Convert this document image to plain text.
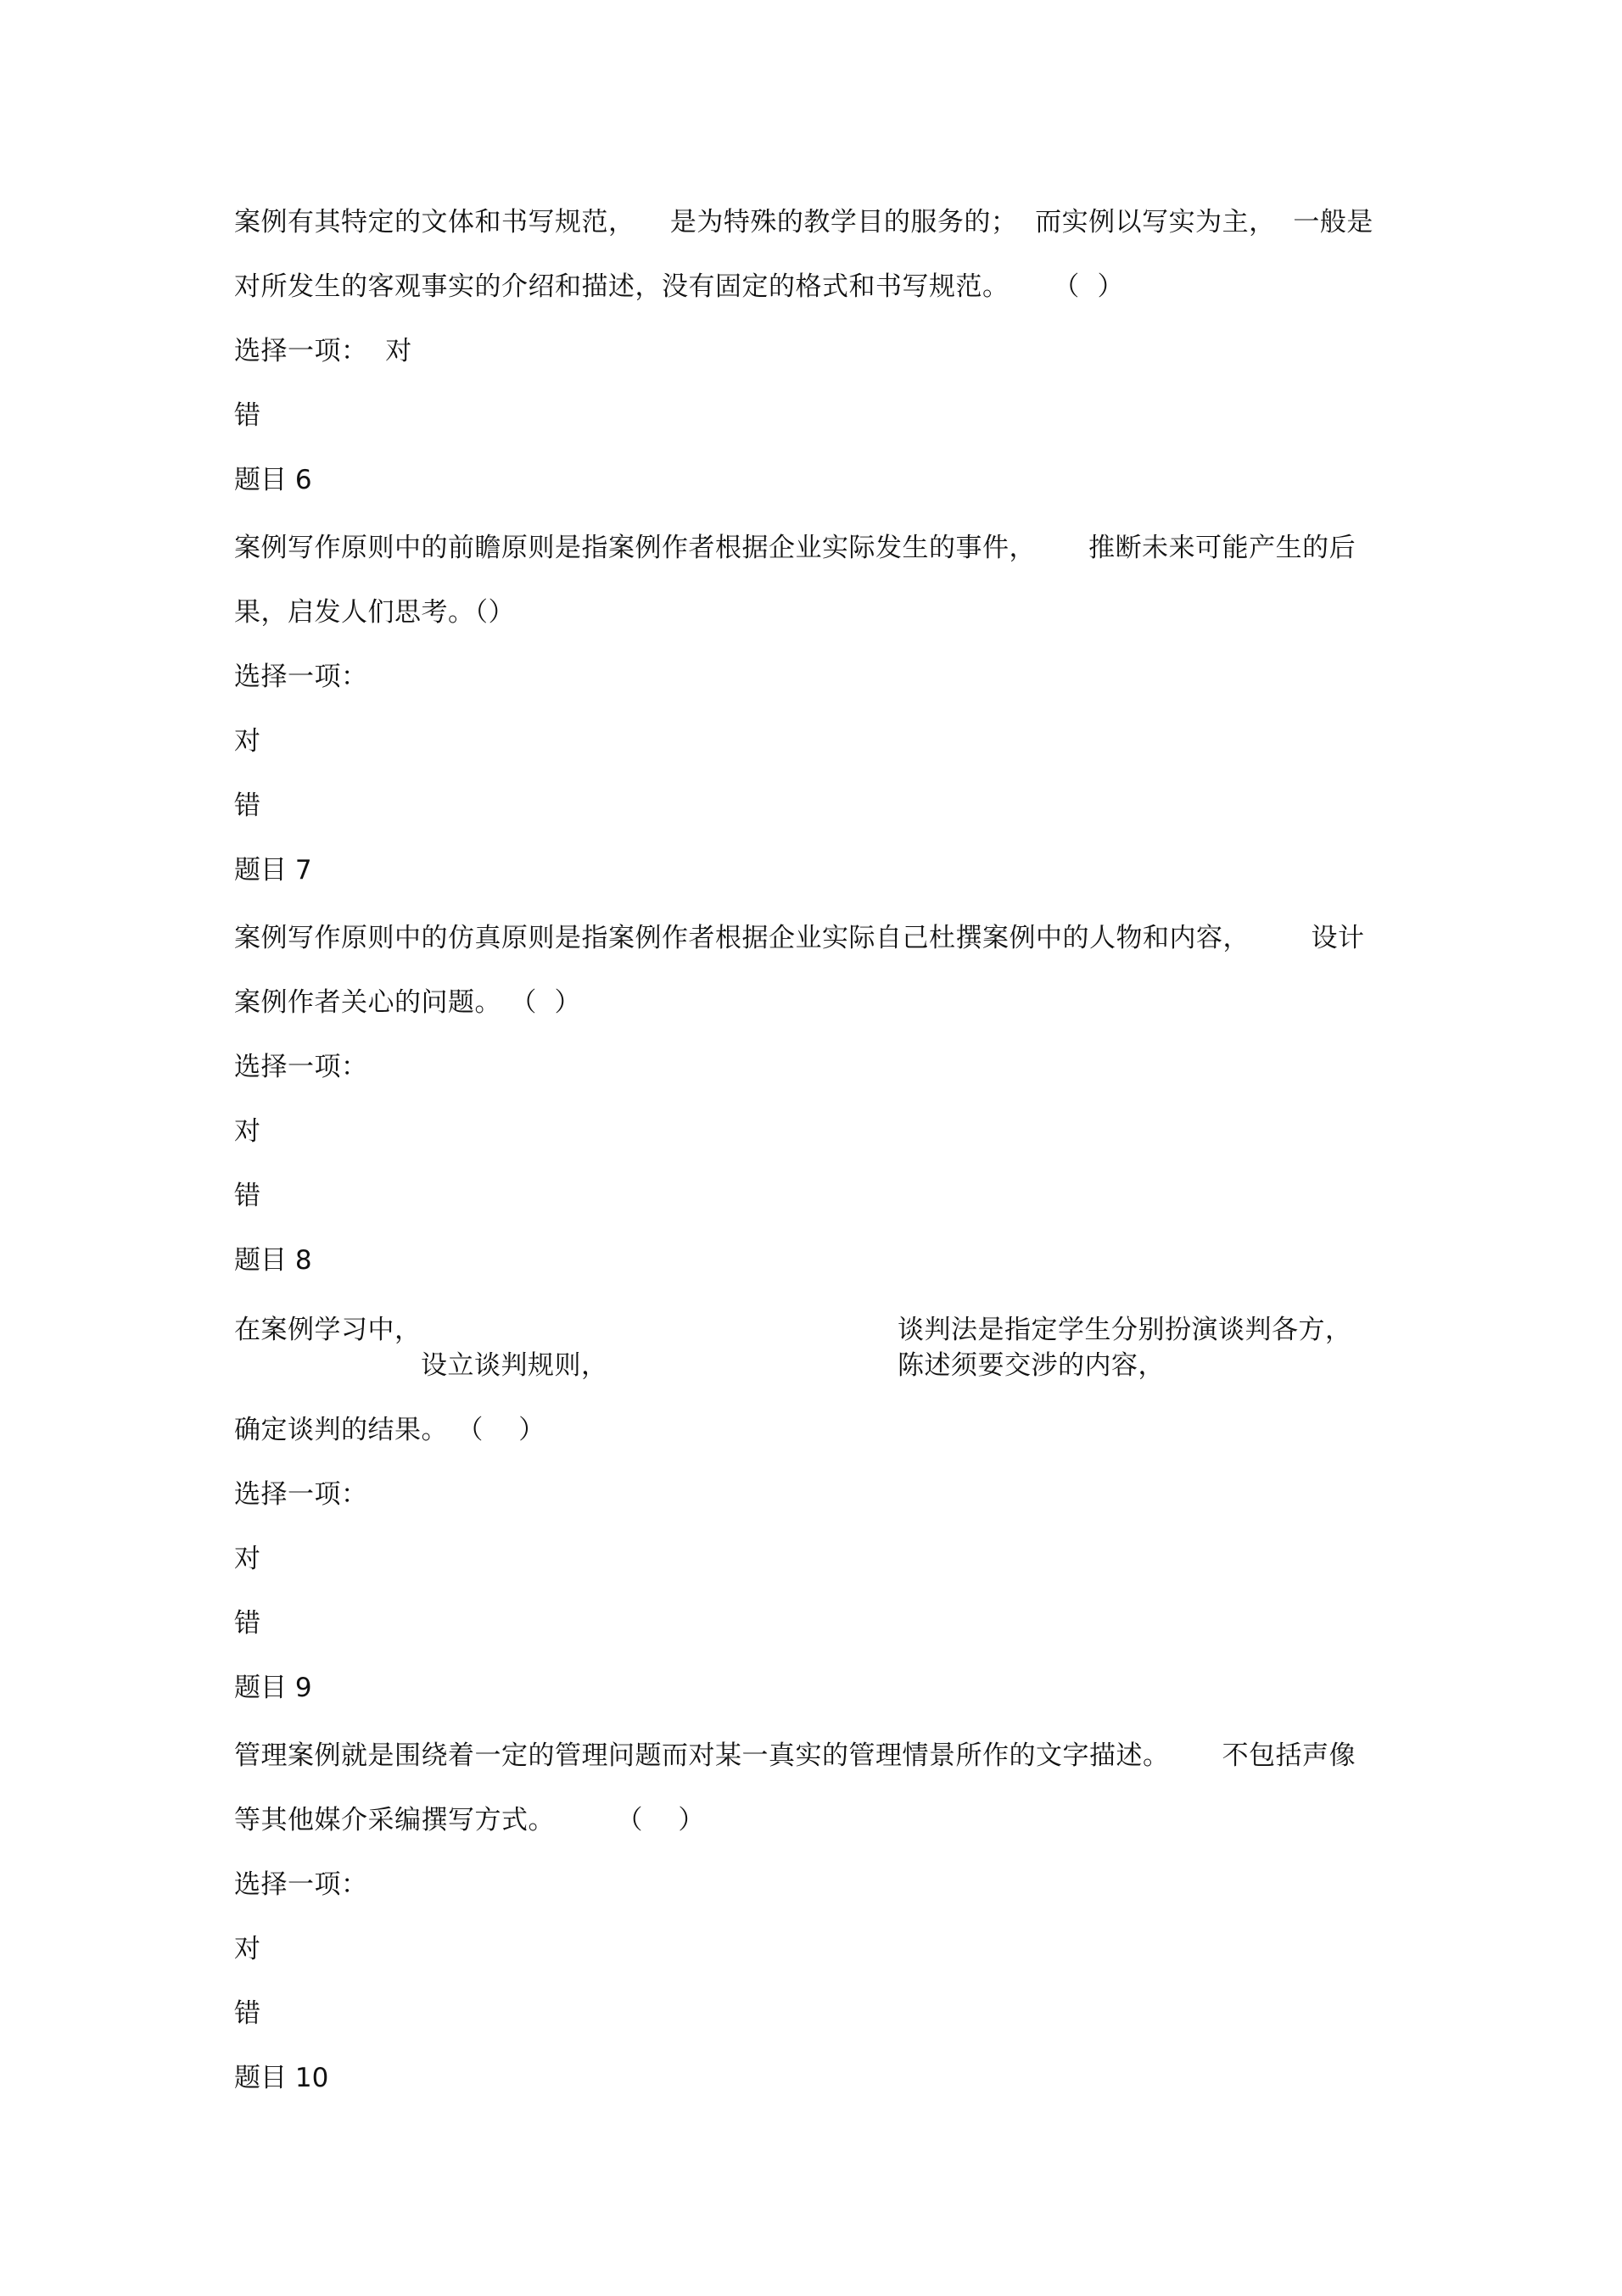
案例有其特定的文体和书写规范，    是为特殊的教学目的服务的；  而实例以写实为主，  一般是
对所发生的客观事实的介绍和描述，没有固定的格式和书写规范。     （  ）
选择一项：  对
错
题目 6
案例写作原则中的前瞻原则是指案例作者根据企业实际发生的事件，      推断未来可能产生的后
果，启发人们思考。（）
选择一项：
对
错
题目 7
案例写作原则中的仿真原则是指案例作者根据企业实际自己杜撰案例中的人物和内容，       设计
案例作者关心的问题。 （  ）
选择一项：
对
错
题目 8
在案例学习中，
设立谈判规则，
谈判法是指定学生分别扮演谈判各方，
陈述须要交涉的内容，
确定谈判的结果。 （    ）
选择一项：
对
错
题目 9
管理案例就是围绕着一定的管理问题而对某一真实的管理情景所作的文字描述。      不包括声像
等其他媒介采编撰写方式。       （    ）
选择一项：
对
错
题目 10
